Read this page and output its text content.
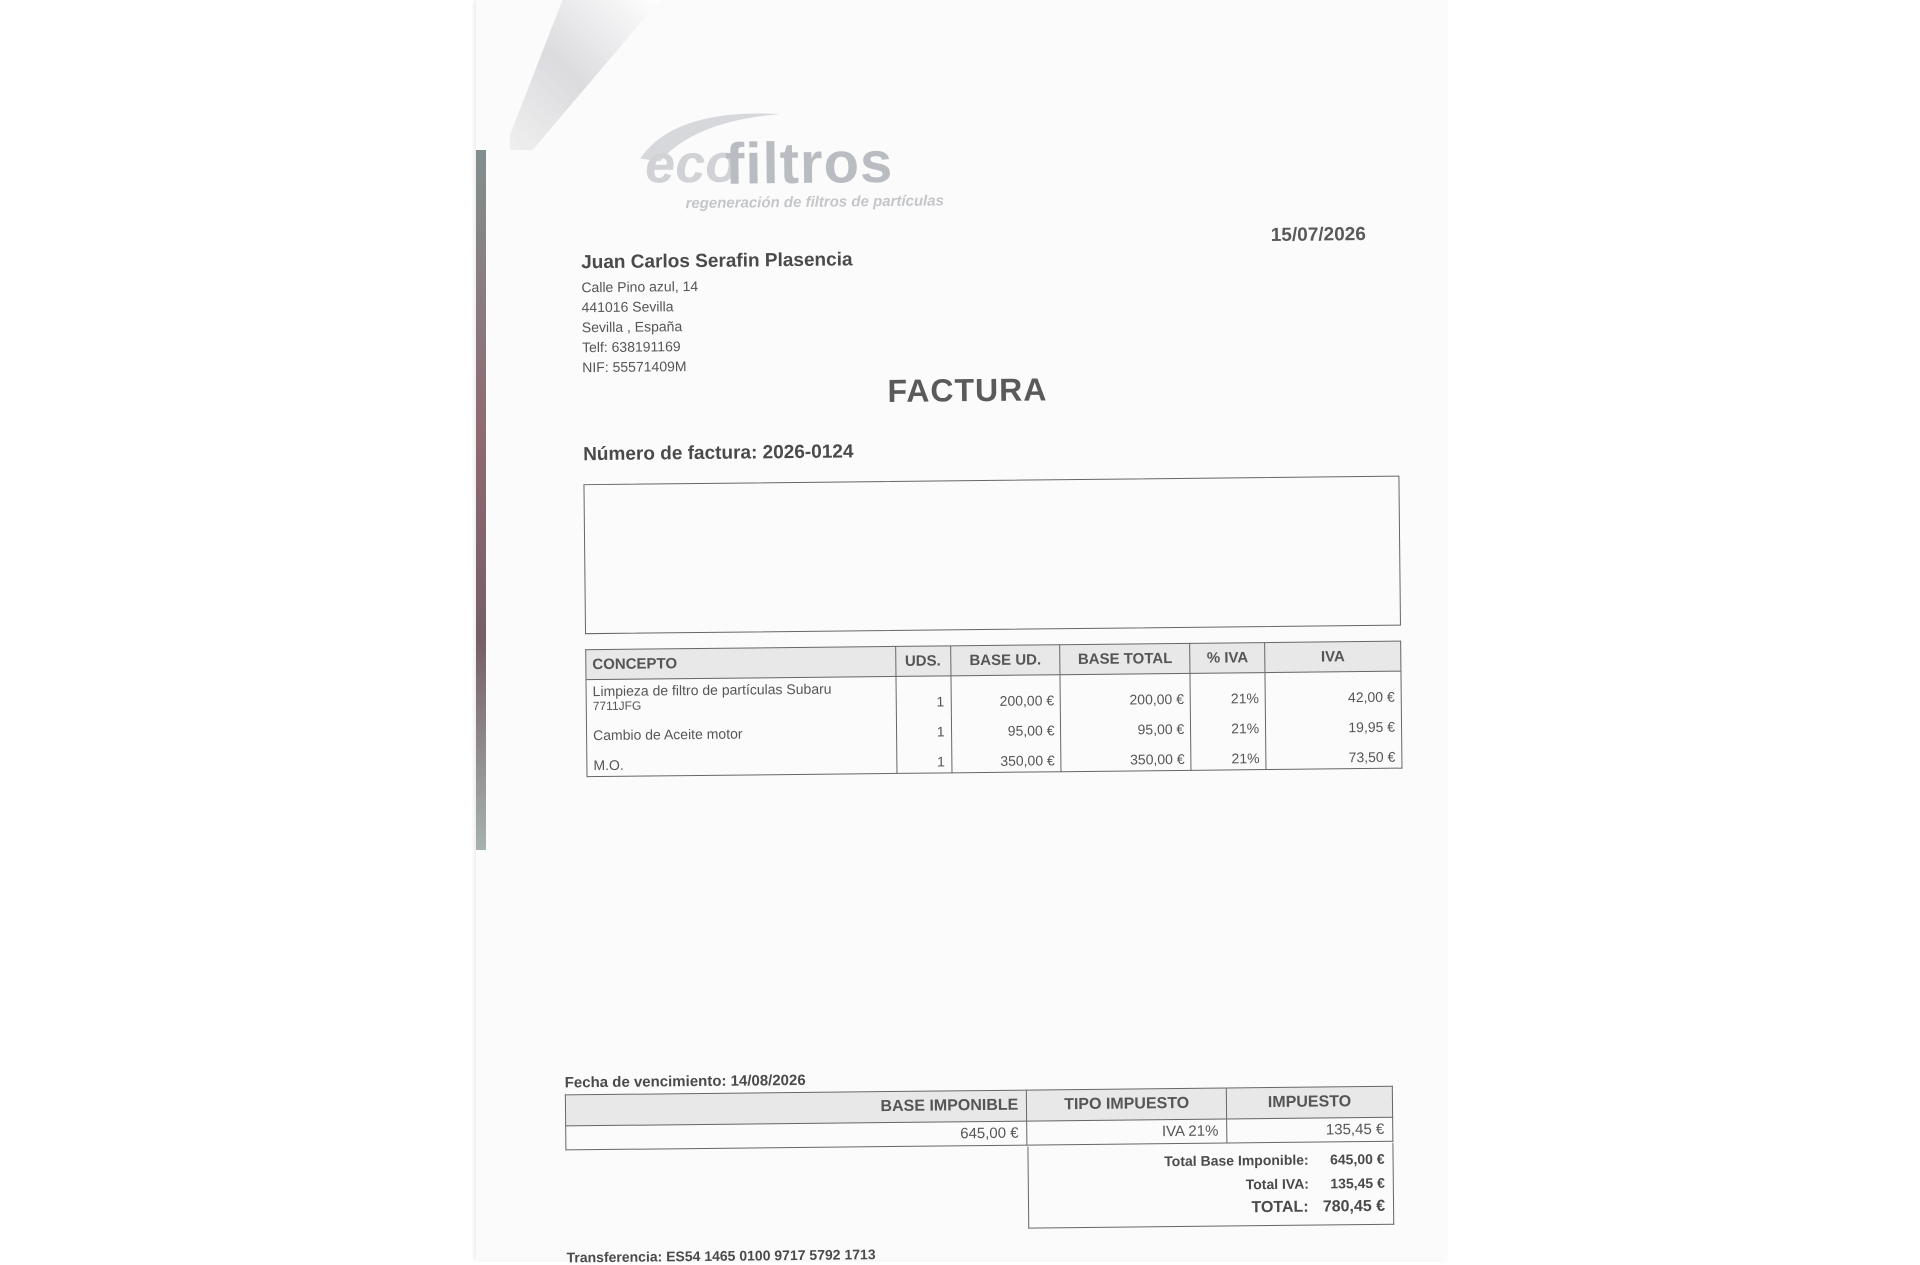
eco
filtros
regeneración de filtros de partículas
15/07/2026
Juan Carlos Serafin Plasencia
Calle Pino azul, 14
441016 Sevilla
Sevilla , España
Telf: 638191169
NIF: 55571409M
FACTURA
Número de factura: 2026-0124
CONCEPTO	UDS.	BASE UD.	BASE TOTAL	% IVA	IVA
Limpieza de filtro de partículas Subaru
7711JFG	1	200,00 €	200,00 €	21%	42,00 €
Cambio de Aceite motor	1	95,00 €	95,00 €	21%	19,95 €
M.O.	1	350,00 €	350,00 €	21%	73,50 €
Fecha de vencimiento: 14/08/2026
BASE IMPONIBLE	TIPO IMPUESTO	IMPUESTO
645,00 €	IVA 21%	135,45 €
Total Base Imponible: 645,00 €
Total IVA: 135,45 €
TOTAL: 780,45 €
Transferencia: ES54 1465 0100 9717 5792 1713
